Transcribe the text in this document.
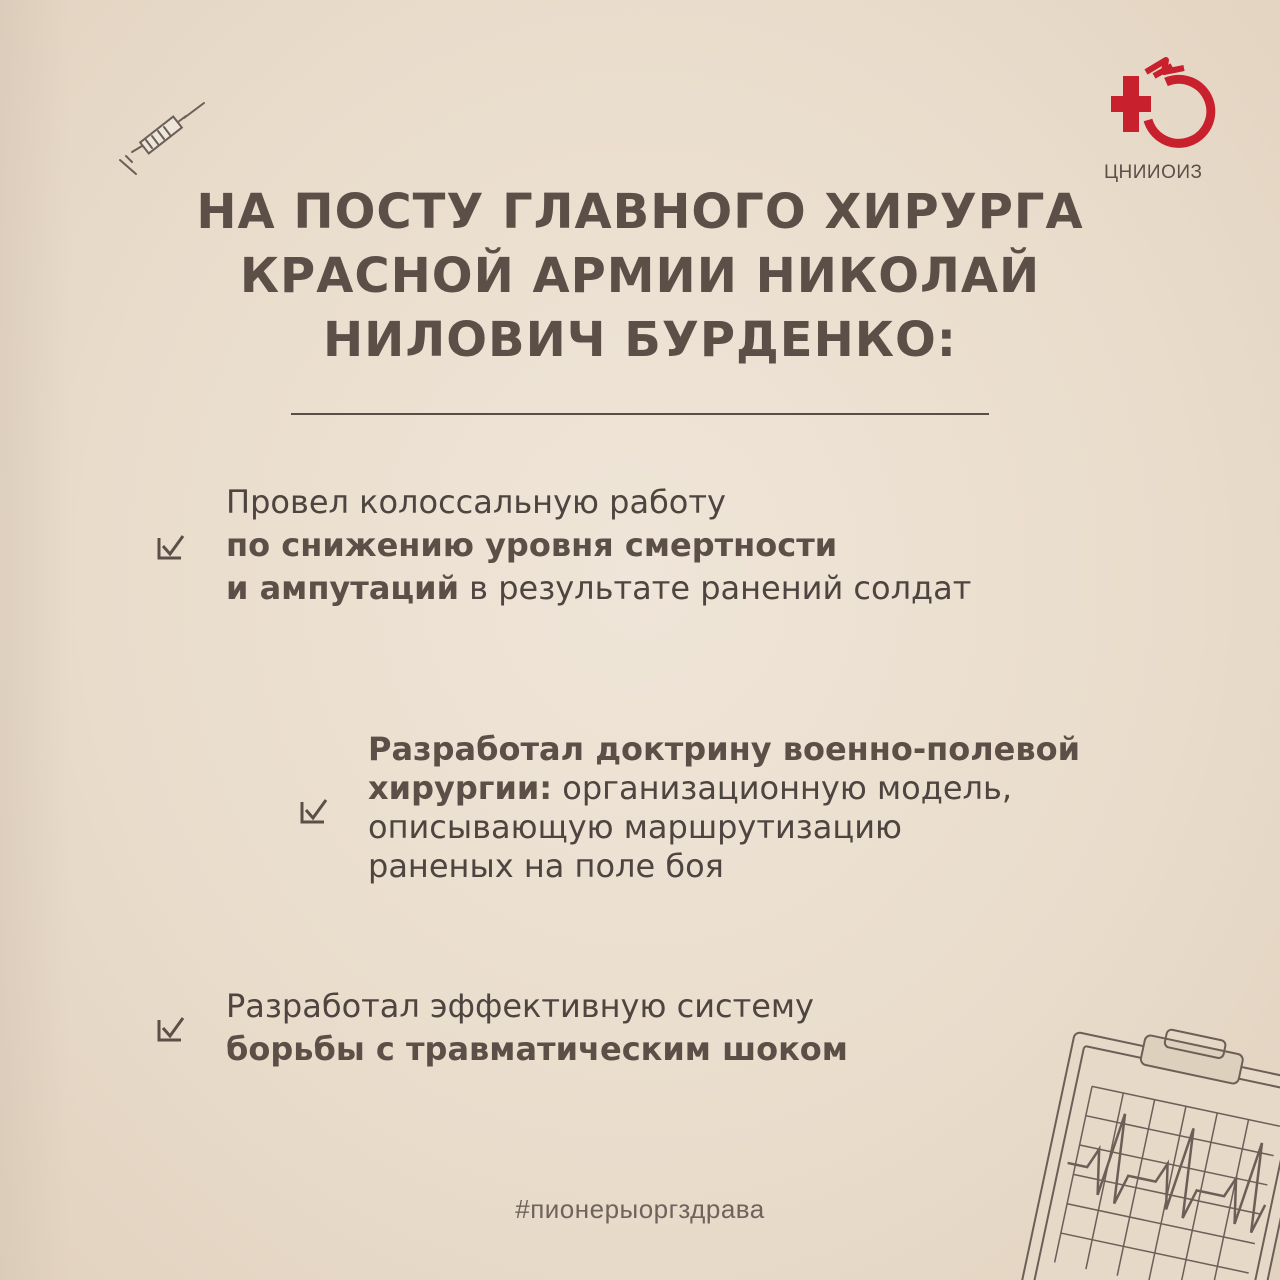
ЦНИИОИЗ
НА ПОСТУ ГЛАВНОГО ХИРУРГА
КРАСНОЙ АРМИИ НИКОЛАЙ
НИЛОВИЧ БУРДЕНКО:
Провел колоссальную работу
по снижению уровня смертности
и ампутаций в результате ранений солдат
Разработал доктрину военно-полевой
хирургии: организационную модель,
описывающую маршрутизацию
раненых на поле боя
Разработал эффективную систему
борьбы с травматическим шоком
#пионерыоргздрава
